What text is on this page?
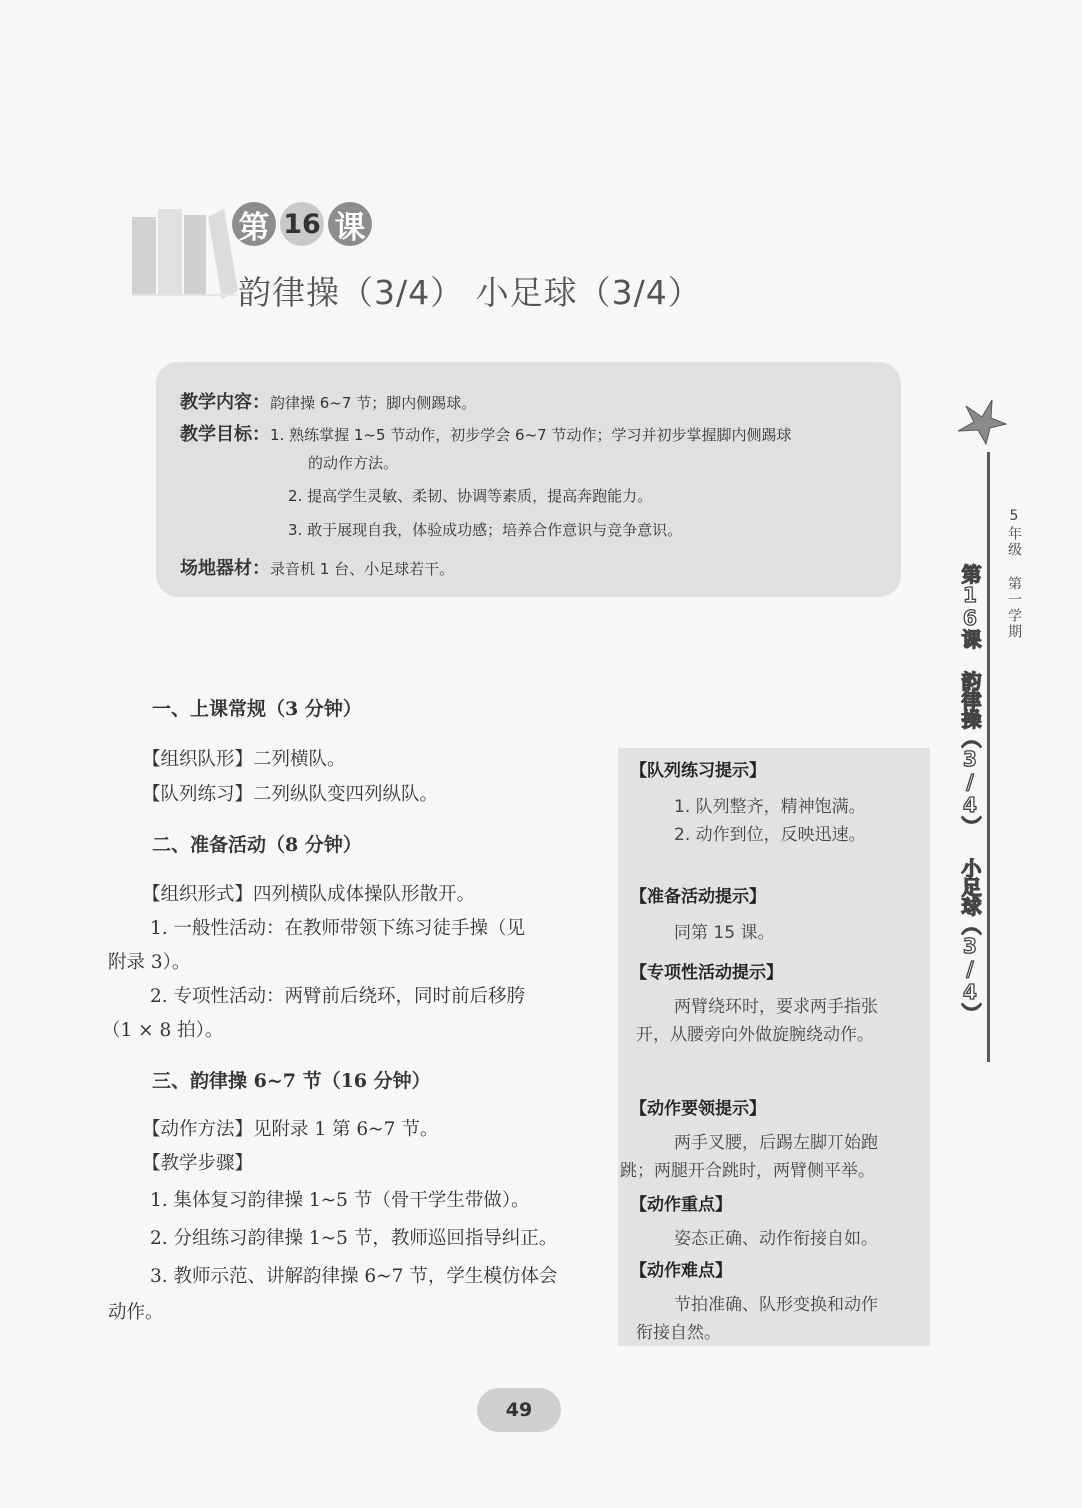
第 16 课
韵律操（3/4） 小足球（3/4）
教学内容：韵律操 6~7 节；脚内侧踢球。
教学目标：1. 熟练掌握 1~5 节动作，初步学会 6~7 节动作；学习并初步掌握脚内侧踢球
的动作方法。
2. 提高学生灵敏、柔韧、协调等素质，提高奔跑能力。
3. 敢于展现自我，体验成功感；培养合作意识与竞争意识。
场地器材：录音机 1 台、小足球若干。
一、上课常规（3 分钟）
【组织队形】二列横队。
【队列练习】二列纵队变四列纵队。
二、准备活动（8 分钟）
【组织形式】四列横队成体操队形散开。
1. 一般性活动：在教师带领下练习徒手操（见
附录 3）。
2. 专项性活动：两臂前后绕环，同时前后移胯
（1 × 8 拍）。
三、韵律操 6~7 节（16 分钟）
【动作方法】见附录 1 第 6~7 节。
【教学步骤】
1. 集体复习韵律操 1~5 节（骨干学生带做）。
2. 分组练习韵律操 1~5 节，教师巡回指导纠正。
3. 教师示范、讲解韵律操 6~7 节，学生模仿体会
动作。
【队列练习提示】
1. 队列整齐，精神饱满。
2. 动作到位，反映迅速。
【准备活动提示】
同第 15 课。
【专项性活动提示】
两臂绕环时，要求两手指张
开，从腰旁向外做旋腕绕动作。
【动作要领提示】
两手叉腰，后踢左脚丌始跑
跳；两腿开合跳时，两臂侧平举。
【动作重点】
姿态正确、动作衔接自如。
【动作难点】
节拍准确、队形变换和动作
衔接自然。
5年级 第一学期
第16课 韵律操（3/4） 小足球（3/4）
49
